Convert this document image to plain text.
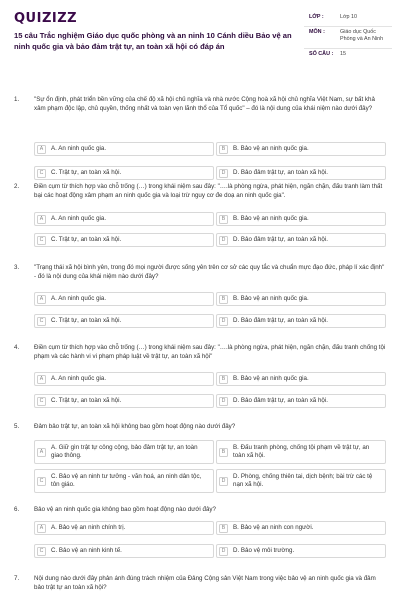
QUIZIZZ
15 câu Trắc nghiệm Giáo dục quốc phòng và an ninh 10 Cánh diều Bảo vệ an ninh quốc gia và bảo đảm trật tự, an toàn xã hội có đáp án
LỚP :	Lớp 10
MÔN :	Giáo dục Quốc Phòng và An Ninh
SỐ CÂU :	15
1. "Sự ổn định, phát triển bền vững của chế độ xã hội chủ nghĩa và nhà nước Cộng hoà xã hội chủ nghĩa Việt Nam, sự bất khả xâm phạm độc lập, chủ quyền, thống nhất và toàn vẹn lãnh thổ của Tổ quốc" – đó là nội dung của khái niệm nào dưới đây?
A	A. An ninh quốc gia.	B	B. Bảo vệ an ninh quốc gia.
C	C. Trật tự, an toàn xã hội.	D	D. Bảo đảm trật tự, an toàn xã hội.
2. Điền cụm từ thích hợp vào chỗ trống (…) trong khái niệm sau đây: "….là phòng ngừa, phát hiện, ngăn chặn, đấu tranh làm thất bại các hoạt động xâm phạm an ninh quốc gia và loại trừ nguy cơ đe doạ an ninh quốc gia".
A	A. An ninh quốc gia.	B	B. Bảo vệ an ninh quốc gia.
C	C. Trật tự, an toàn xã hội.	D	D. Bảo đảm trật tự, an toàn xã hội.
3. "Trạng thái xã hội bình yên, trong đó mọi người được sống yên trên cơ sở các quy tắc và chuẩn mực đạo đức, pháp lí xác định" - đó là nội dung của khái niệm nào dưới đây?
A	A. An ninh quốc gia.	B	B. Bảo vệ an ninh quốc gia.
C	C. Trật tự, an toàn xã hội.	D	D. Bảo đảm trật tự, an toàn xã hội.
4. Điền cụm từ thích hợp vào chỗ trống (…) trong khái niệm sau đây: "….là phòng ngừa, phát hiện, ngăn chặn, đấu tranh chống tội phạm và các hành vi vi phạm pháp luật về trật tự, an toàn xã hội"
A	A. An ninh quốc gia.	B	B. Bảo vệ an ninh quốc gia.
C	C. Trật tự, an toàn xã hội.	D	D. Bảo đảm trật tự, an toàn xã hội.
5. Đảm bảo trật tự, an toàn xã hội không bao gồm hoạt động nào dưới đây?
A
A. Giữ gìn trật tự công cộng, bảo đảm trật tự, an toàn giao thông.	B
B. Đấu tranh phòng, chống tội phạm về trật tự, an toàn xã hội.
C
C. Bảo vệ an ninh tư tưởng - văn hoá, an ninh dân tộc, tôn giáo.	D
D. Phòng, chống thiên tai, dịch bệnh; bài trừ các tệ nạn xã hội.
6. Bảo vệ an ninh quốc gia không bao gồm hoạt động nào dưới đây?
A	A. Bảo vệ an ninh chính trị.	B	B. Bảo vệ an ninh con người.
C	C. Bảo vệ an ninh kinh tế.	D	D. Bảo vệ môi trường.
7. Nội dung nào dưới đây phản ánh đúng trách nhiệm của Đảng Cộng sản Việt Nam trong việc bảo vệ an ninh quốc gia và đảm bảo trật tự an toàn xã hội?
